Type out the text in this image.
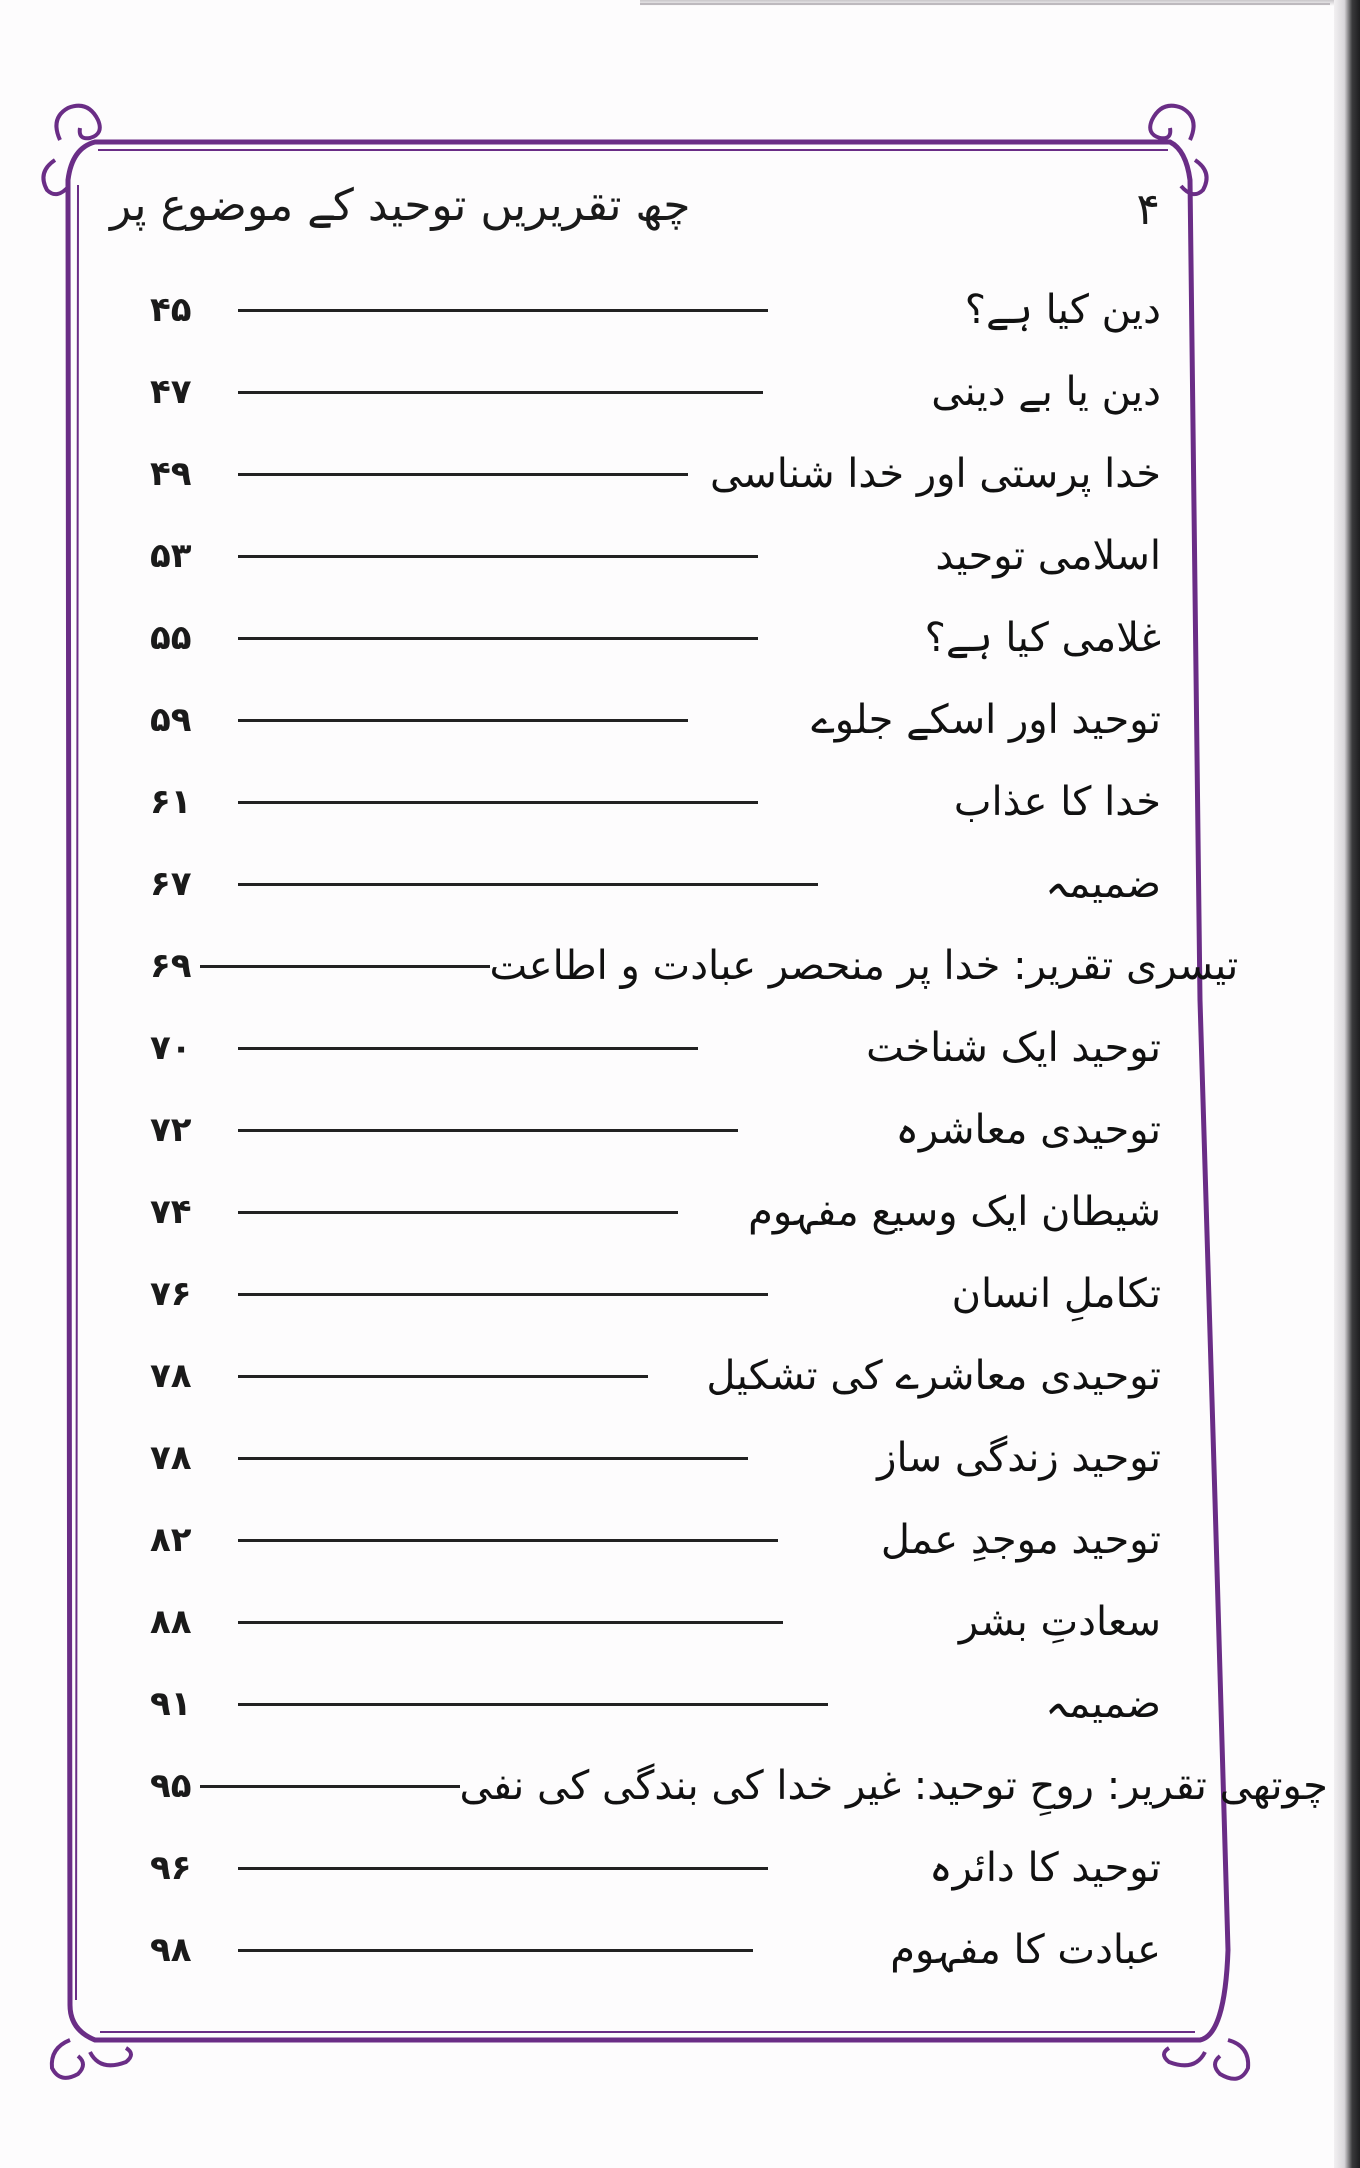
چھ تقریریں توحید کے موضوع پر	۴
۴۵	دین کیا ہے؟
۴۷	دین یا بے دینی
۴۹	خدا پرستی اور خدا شناسی
۵۳	اسلامی توحید
۵۵	غلامی کیا ہے؟
۵۹	توحید اور اسکے جلوے
۶۱	خدا کا عذاب
۶۷	ضمیمہ
۶۹	تیسری تقریر: خدا پر منحصر عبادت و اطاعت
۷۰	توحید ایک شناخت
۷۲	توحیدی معاشرہ
۷۴	شیطان ایک وسیع مفہوم
۷۶	تکاملِ انسان
۷۸	توحیدی معاشرے کی تشکیل
۷۸	توحید زندگی ساز
۸۲	توحید موجدِ عمل
۸۸	سعادتِ بشر
۹۱	ضمیمہ
۹۵	چوتھی تقریر: روحِ توحید: غیر خدا کی بندگی کی نفی
۹۶	توحید کا دائرہ
۹۸	عبادت کا مفہوم
